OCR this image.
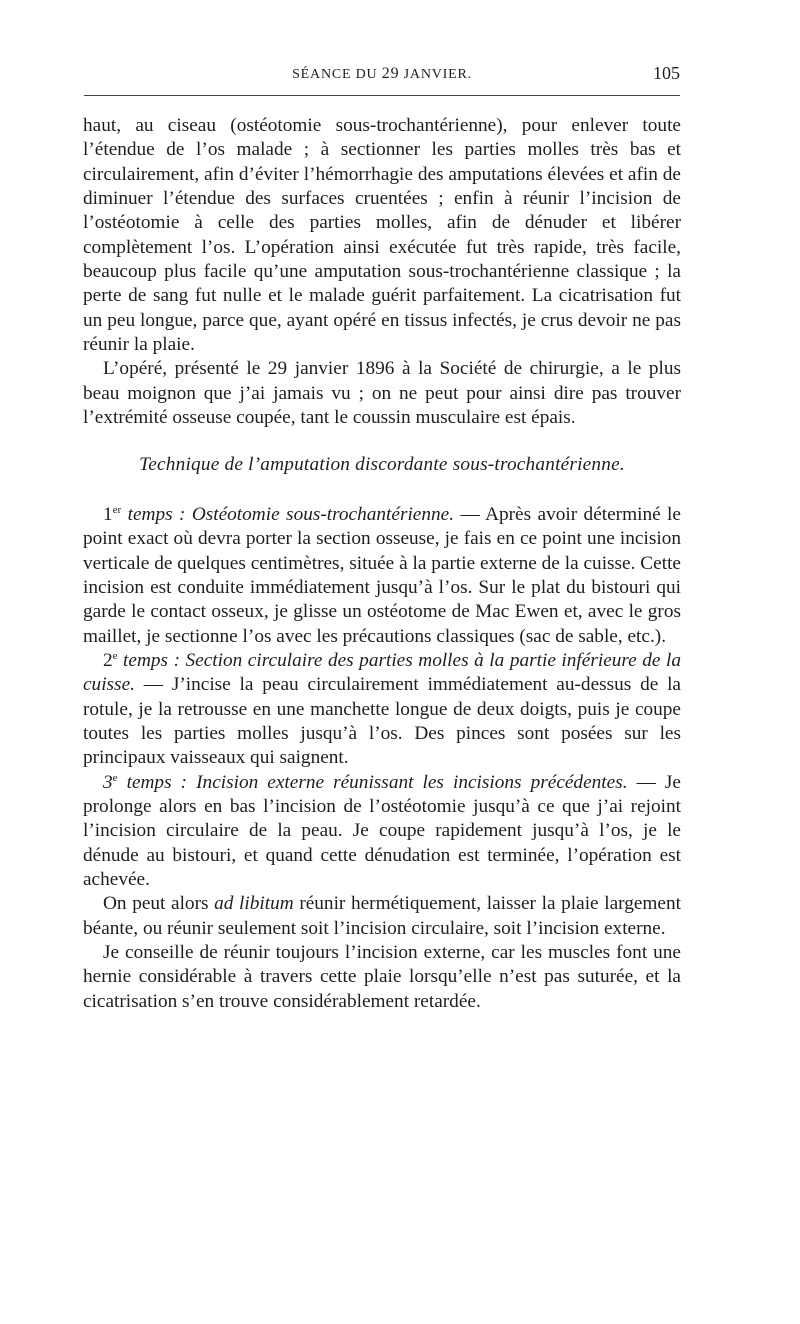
SÉANCE DU 29 JANVIER.	105

haut, au ciseau (ostéotomie sous-trochantérienne), pour enlever toute l’étendue de l’os malade ; à sectionner les parties molles très bas et circulairement, afin d’éviter l’hémorrhagie des amputations élevées et afin de diminuer l’étendue des surfaces cruentées ; enfin à réunir l’incision de l’ostéotomie à celle des parties molles, afin de dénuder et libérer complètement l’os. L’opération ainsi exécutée fut très rapide, très facile, beaucoup plus facile qu’une amputation sous-trochantérienne classique ; la perte de sang fut nulle et le malade guérit parfaitement. La cicatrisation fut un peu longue, parce que, ayant opéré en tissus infectés, je crus devoir ne pas réunir la plaie.

L’opéré, présenté le 29 janvier 1896 à la Société de chirurgie, a le plus beau moignon que j’ai jamais vu ; on ne peut pour ainsi dire pas trouver l’extrémité osseuse coupée, tant le coussin musculaire est épais.

Technique de l’amputation discordante sous-trochantérienne.

1er temps : Ostéotomie sous-trochantérienne. — Après avoir déterminé le point exact où devra porter la section osseuse, je fais en ce point une incision verticale de quelques centimètres, située à la partie externe de la cuisse. Cette incision est conduite immédiatement jusqu’à l’os. Sur le plat du bistouri qui garde le contact osseux, je glisse un ostéotome de Mac Ewen et, avec le gros maillet, je sectionne l’os avec les précautions classiques (sac de sable, etc.).

2e temps : Section circulaire des parties molles à la partie inférieure de la cuisse. — J’incise la peau circulairement immédiatement au-dessus de la rotule, je la retrousse en une manchette longue de deux doigts, puis je coupe toutes les parties molles jusqu’à l’os. Des pinces sont posées sur les principaux vaisseaux qui saignent.

3e temps : Incision externe réunissant les incisions précédentes. — Je prolonge alors en bas l’incision de l’ostéotomie jusqu’à ce que j’ai rejoint l’incision circulaire de la peau. Je coupe rapidement jusqu’à l’os, je le dénude au bistouri, et quand cette dénudation est terminée, l’opération est achevée.

On peut alors ad libitum réunir hermétiquement, laisser la plaie largement béante, ou réunir seulement soit l’incision circulaire, soit l’incision externe.

Je conseille de réunir toujours l’incision externe, car les muscles font une hernie considérable à travers cette plaie lorsqu’elle n’est pas suturée, et la cicatrisation s’en trouve considérablement retardée.
